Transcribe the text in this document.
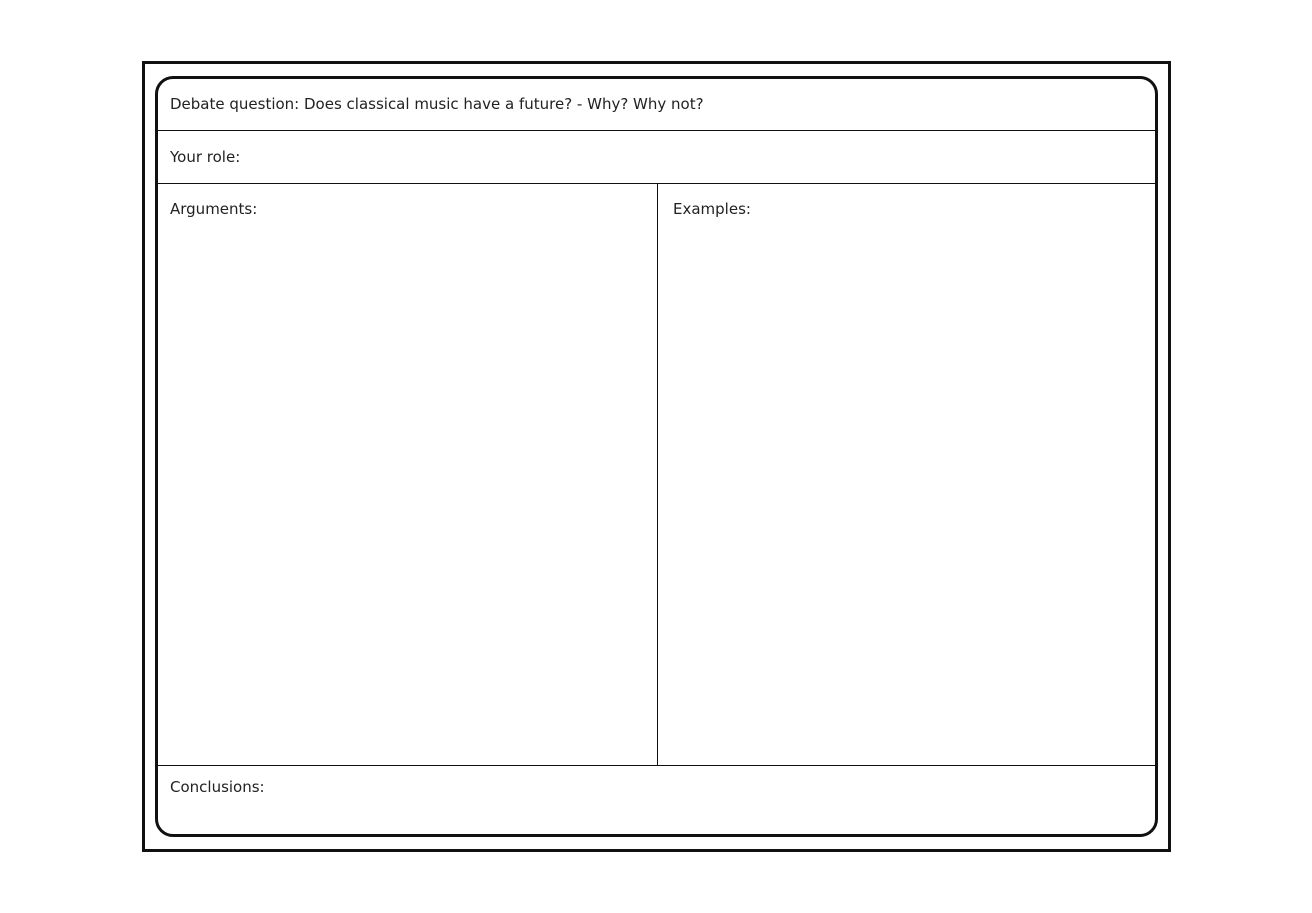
Debate question: Does classical music have a future? - Why? Why not?
Your role:
Arguments:	Examples:
Conclusions:
